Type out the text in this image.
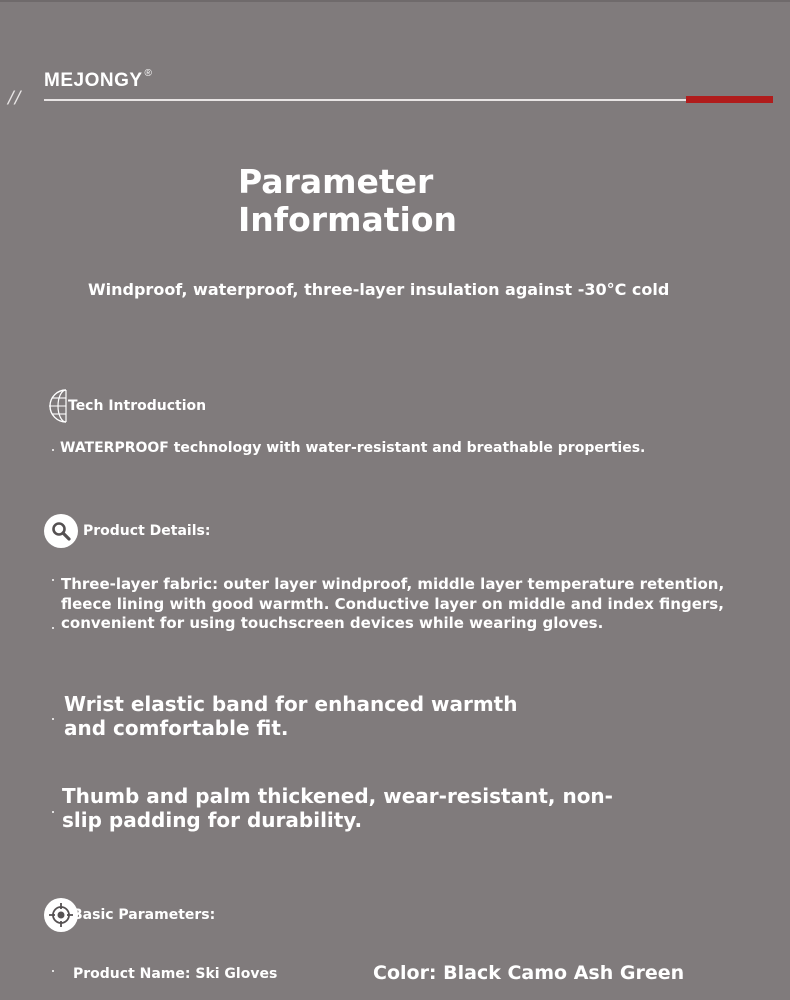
//
MEJONGY ®
Parameter Information
Windproof, waterproof, three-layer insulation against -30°C cold
Tech Introduction
WATERPROOF technology with water-resistant and breathable properties.
Product Details:
Three-layer fabric: outer layer windproof, middle layer temperature retention, fleece lining with good warmth. Conductive layer on middle and index fingers, convenient for using touchscreen devices while wearing gloves.
Wrist elastic band for enhanced warmth and comfortable fit.
Thumb and palm thickened, wear-resistant, non-slip padding for durability.
Basic Parameters:
Product Name: Ski Gloves	Color: Black Camo Ash Green
